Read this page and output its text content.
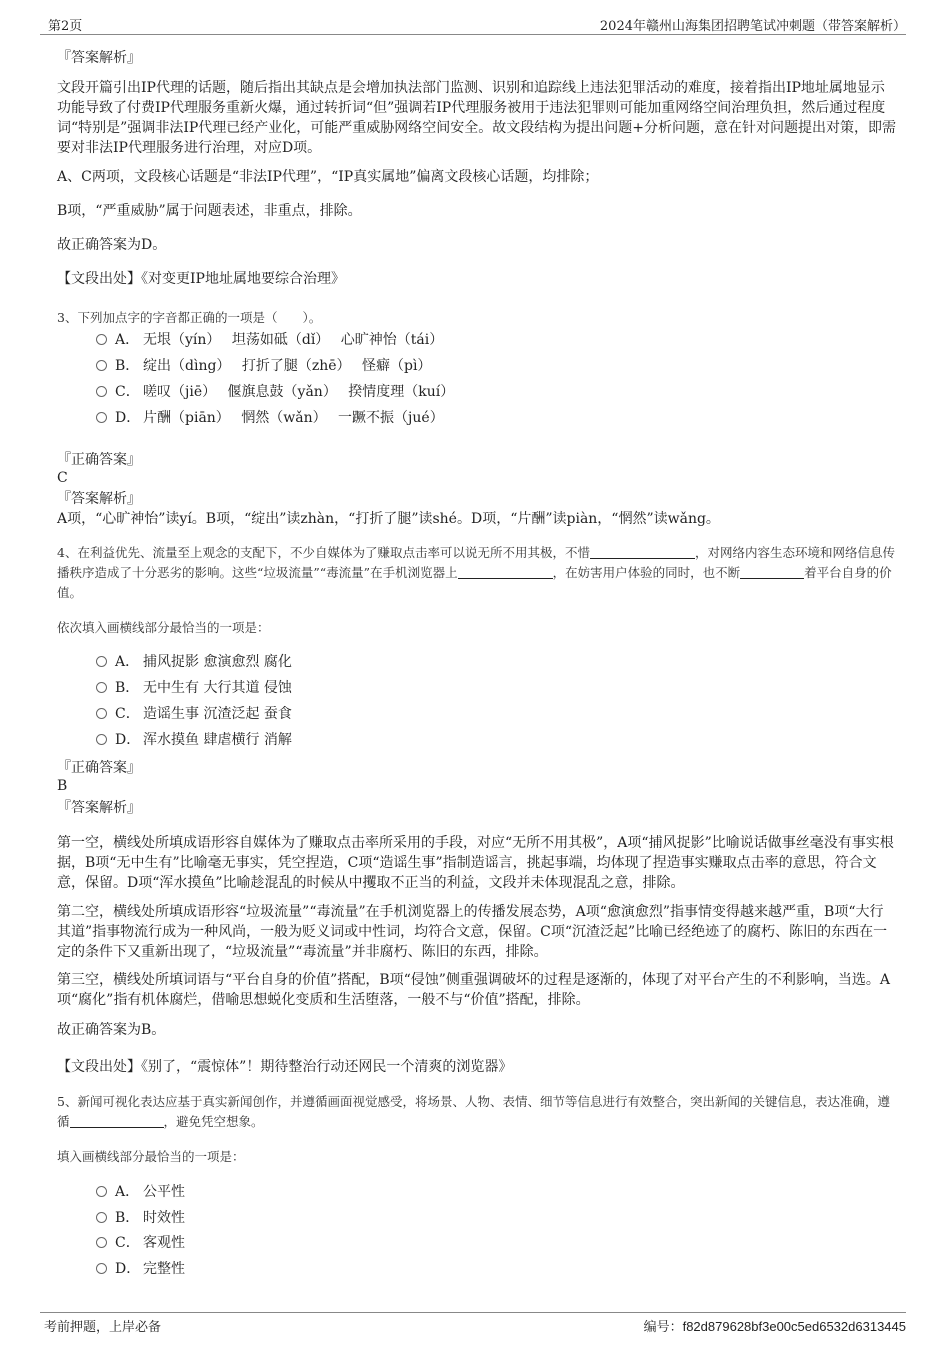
第2页	2024年赣州山海集团招聘笔试冲刺题（带答案解析）

『答案解析』

文段开篇引出IP代理的话题，随后指出其缺点是会增加执法部门监测、识别和追踪线上违法犯罪活动的难度，接着指出IP地址属地显示功能导致了付费IP代理服务重新火爆，通过转折词“但”强调若IP代理服务被用于违法犯罪则可能加重网络空间治理负担，然后通过程度词“特别是”强调非法IP代理已经产业化，可能严重威胁网络空间安全。故文段结构为提出问题+分析问题，意在针对问题提出对策，即需要对非法IP代理服务进行治理，对应D项。

A、C两项，文段核心话题是“非法IP代理”，“IP真实属地”偏离文段核心话题，均排除；

B项，“严重威胁”属于问题表述，非重点，排除。

故正确答案为D。

【文段出处】《对变更IP地址属地要综合治理》

3、下列加点字的字音都正确的一项是（　　）。

A． 无垠（yín）　 坦荡如砥（dǐ）　 心旷神怡（tái）
B． 绽出（dìng）　 打折了腿（zhē）　 怪癖（pì）
C． 嗟叹（jiē）　 偃旗息鼓（yǎn）　 揆情度理（kuí）
D． 片酬（piān）　 惘然（wǎn）　 一蹶不振（jué）

『正确答案』

C

『答案解析』

A项，“心旷神怡”读yí。B项，“绽出”读zhàn，“打折了腿”读shé。D项，“片酬”读piàn，“惘然”读wǎng。

4、在利益优先、流量至上观念的支配下，不少自媒体为了赚取点击率可以说无所不用其极，不惜	，对网络内容生态环境和网络信息传播秩序造成了十分恶劣的影响。这些“垃圾流量”“毒流量”在手机浏览器上	，在妨害用户体验的同时，也不断	着平台自身的价值。

依次填入画横线部分最恰当的一项是：

A． 捕风捉影 愈演愈烈 腐化
B． 无中生有 大行其道 侵蚀
C． 造谣生事 沉渣泛起 蚕食
D． 浑水摸鱼 肆虐横行 消解

『正确答案』

B

『答案解析』

第一空，横线处所填成语形容自媒体为了赚取点击率所采用的手段，对应“无所不用其极”，A项“捕风捉影”比喻说话做事丝毫没有事实根据，B项“无中生有”比喻毫无事实，凭空捏造，C项“造谣生事”指制造谣言，挑起事端，均体现了捏造事实赚取点击率的意思，符合文意，保留。D项“浑水摸鱼”比喻趁混乱的时候从中攫取不正当的利益，文段并未体现混乱之意，排除。

第二空，横线处所填成语形容“垃圾流量”“毒流量”在手机浏览器上的传播发展态势，A项“愈演愈烈”指事情变得越来越严重，B项“大行其道”指事物流行成为一种风尚，一般为贬义词或中性词，均符合文意，保留。C项“沉渣泛起”比喻已经绝迹了的腐朽、陈旧的东西在一定的条件下又重新出现了，“垃圾流量”“毒流量”并非腐朽、陈旧的东西，排除。

第三空，横线处所填词语与“平台自身的价值”搭配，B项“侵蚀”侧重强调破坏的过程是逐渐的，体现了对平台产生的不利影响，当选。A项“腐化”指有机体腐烂，借喻思想蜕化变质和生活堕落，一般不与“价值”搭配，排除。

故正确答案为B。

【文段出处】《别了，“震惊体”！期待整治行动还网民一个清爽的浏览器》

5、新闻可视化表达应基于真实新闻创作，并遵循画面视觉感受，将场景、人物、表情、细节等信息进行有效整合，突出新闻的关键信息，表达准确，遵循	，避免凭空想象。

填入画横线部分最恰当的一项是：

A． 公平性
B． 时效性
C． 客观性
D． 完整性
考前押题，上岸必备	编号：f82d879628bf3e00c5ed6532d6313445
